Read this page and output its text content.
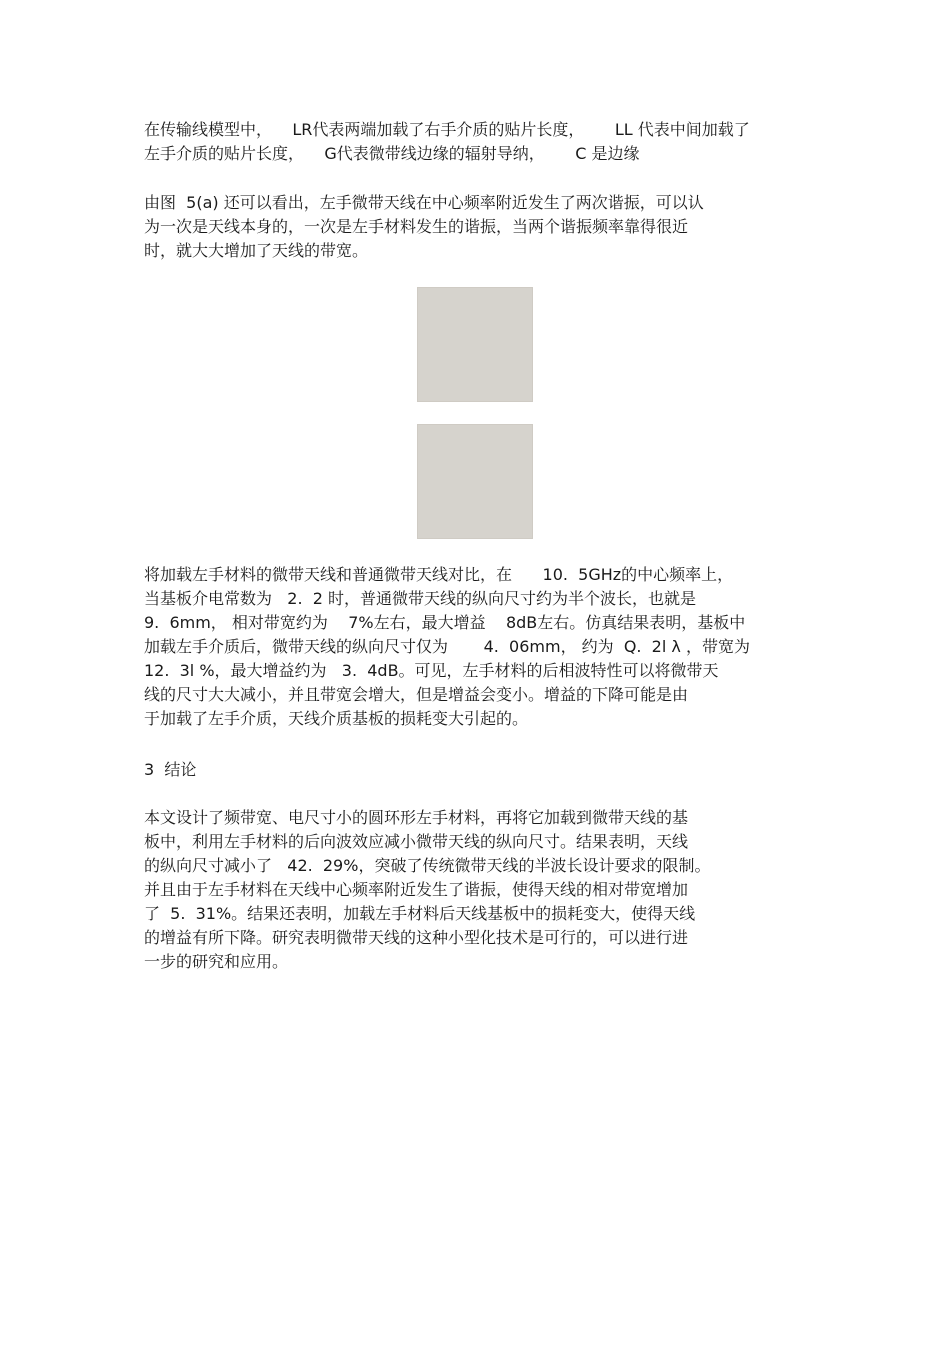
在传输线模型中，    LR代表两端加载了右手介质的贴片长度，      LL 代表中间加载了
左手介质的贴片长度，    G代表微带线边缘的辐射导纳，      C 是边缘
由图  5(a) 还可以看出，左手微带天线在中心频率附近发生了两次谐振，可以认
为一次是天线本身的，一次是左手材料发生的谐振，当两个谐振频率靠得很近
时，就大大增加了天线的带宽。
将加载左手材料的微带天线和普通微带天线对比，在      10.  5GHz的中心频率上，
当基板介电常数为   2.  2 时，普通微带天线的纵向尺寸约为半个波长，也就是
9.  6mm， 相对带宽约为    7%左右，最大增益    8dB左右。仿真结果表明，基板中
加载左手介质后，微带天线的纵向尺寸仅为       4.  06mm， 约为  Q.  2l λ ，带宽为
12.  3l %，最大增益约为   3.  4dB。可见，左手材料的后相波特性可以将微带天
线的尺寸大大减小，并且带宽会增大，但是增益会变小。增益的下降可能是由
于加载了左手介质，天线介质基板的损耗变大引起的。
3  结论
本文设计了频带宽、电尺寸小的圆环形左手材料，再将它加载到微带天线的基
板中，利用左手材料的后向波效应减小微带天线的纵向尺寸。结果表明，天线
的纵向尺寸减小了   42.  29%，突破了传统微带天线的半波长设计要求的限制。
并且由于左手材料在天线中心频率附近发生了谐振，使得天线的相对带宽增加
了  5.  31%。结果还表明，加载左手材料后天线基板中的损耗变大，使得天线
的增益有所下降。研究表明微带天线的这种小型化技术是可行的，可以进行进
一步的研究和应用。
